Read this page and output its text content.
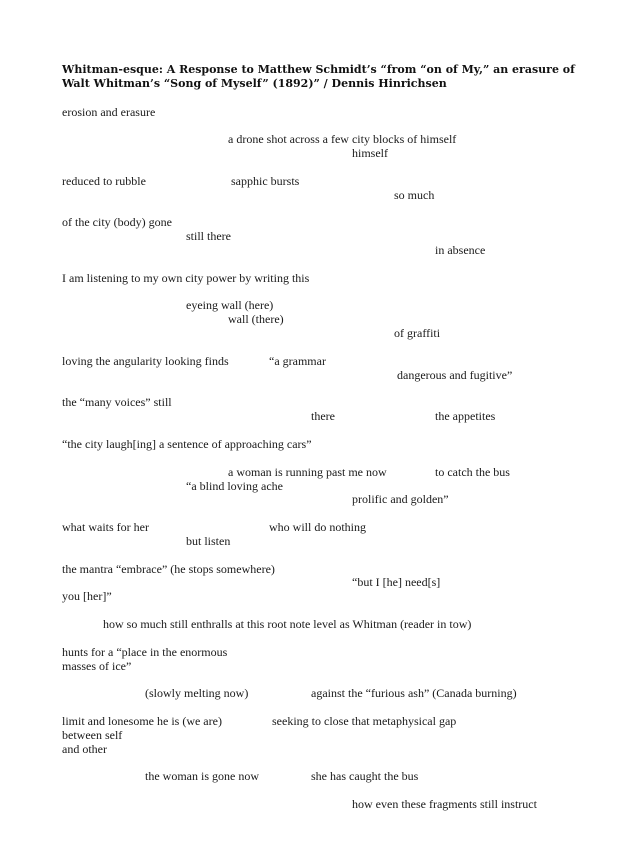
Whitman-esque: A Response to Matthew Schmidt’s “from “on of My,” an erasure of Walt Whitman’s “Song of Myself” (1892)” / Dennis Hinrichsen
erosion and erasure
a drone shot across a few city blocks of himself
himself
reduced to rubble	sapphic bursts
so much
of the city (body) gone
still there
in absence
I am listening to my own city power by writing this
eyeing wall (here)
wall (there)
of graffiti
loving the angularity looking finds	“a grammar
dangerous and fugitive”
the “many voices” still
there	the appetites
“the city laugh[ing] a sentence of approaching cars”
a woman is running past me now	to catch the bus
“a blind loving ache
prolific and golden”
what waits for her	who will do nothing
but listen
the mantra “embrace” (he stops somewhere)
“but I [he] need[s]
you [her]”
how so much still enthralls at this root note level as Whitman (reader in tow)
hunts for a “place in the enormous
masses of ice”
(slowly melting now)	against the “furious ash” (Canada burning)
limit and lonesome he is (we are)	seeking to close that metaphysical gap
between self
and other
the woman is gone now	she has caught the bus
how even these fragments still instruct
